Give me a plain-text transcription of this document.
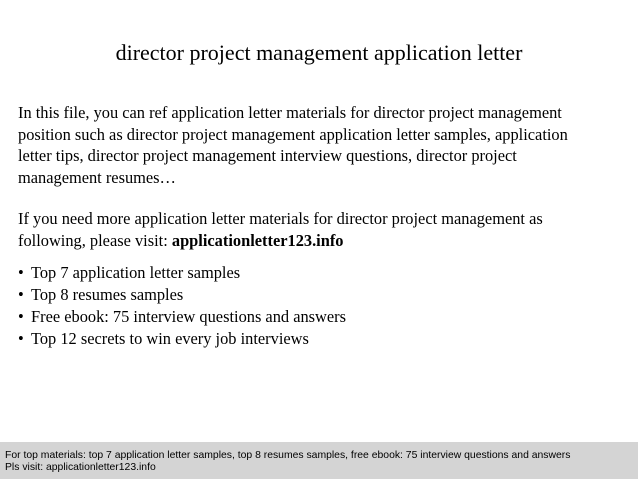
director project management application letter
In this file, you can ref application letter materials for director project management
position such as director project management application letter samples, application
letter tips, director project management interview questions, director project
management resumes…
If you need more application letter materials for director project management as
following, please visit: applicationletter123.info
• Top 7 application letter samples
• Top 8 resumes samples
• Free ebook: 75 interview questions and answers
• Top 12 secrets to win every job interviews
For top materials: top 7 application letter samples, top 8 resumes samples, free ebook: 75 interview questions and answers
Pls visit: applicationletter123.info
